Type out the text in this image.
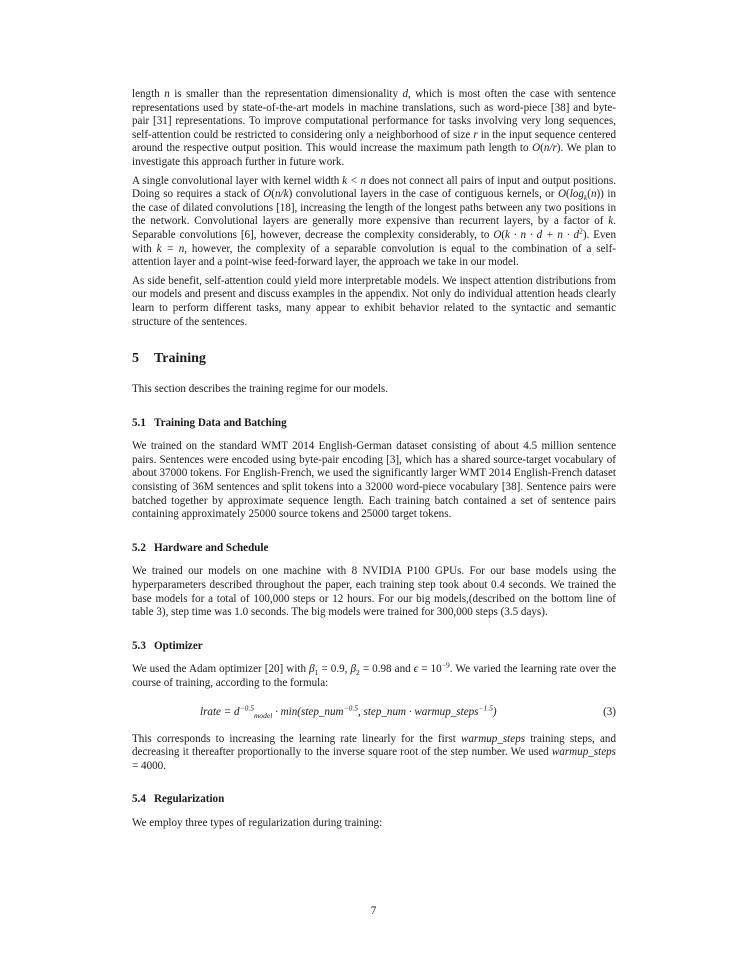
length n is smaller than the representation dimensionality d, which is most often the case with sentence representations used by state-of-the-art models in machine translations, such as word-piece [38] and byte-pair [31] representations. To improve computational performance for tasks involving very long sequences, self-attention could be restricted to considering only a neighborhood of size r in the input sequence centered around the respective output position. This would increase the maximum path length to O(n/r). We plan to investigate this approach further in future work.

A single convolutional layer with kernel width k < n does not connect all pairs of input and output positions. Doing so requires a stack of O(n/k) convolutional layers in the case of contiguous kernels, or $O(\log_k(n))$ in the case of dilated convolutions [18], increasing the length of the longest paths between any two positions in the network. Convolutional layers are generally more expensive than recurrent layers, by a factor of k. Separable convolutions [6], however, decrease the complexity considerably, to $O(k \cdot n \cdot d + n \cdot d^2)$. Even with k = n, however, the complexity of a separable convolution is equal to the combination of a self-attention layer and a point-wise feed-forward layer, the approach we take in our model.

As side benefit, self-attention could yield more interpretable models. We inspect attention distributions from our models and present and discuss examples in the appendix. Not only do individual attention heads clearly learn to perform different tasks, many appear to exhibit behavior related to the syntactic and semantic structure of the sentences.

5 Training

This section describes the training regime for our models.

5.1 Training Data and Batching

We trained on the standard WMT 2014 English-German dataset consisting of about 4.5 million sentence pairs. Sentences were encoded using byte-pair encoding [3], which has a shared source-target vocabulary of about 37000 tokens. For English-French, we used the significantly larger WMT 2014 English-French dataset consisting of 36M sentences and split tokens into a 32000 word-piece vocabulary [38]. Sentence pairs were batched together by approximate sequence length. Each training batch contained a set of sentence pairs containing approximately 25000 source tokens and 25000 target tokens.

5.2 Hardware and Schedule

We trained our models on one machine with 8 NVIDIA P100 GPUs. For our base models using the hyperparameters described throughout the paper, each training step took about 0.4 seconds. We trained the base models for a total of 100,000 steps or 12 hours. For our big models,(described on the bottom line of table 3), step time was 1.0 seconds. The big models were trained for 300,000 steps (3.5 days).

5.3 Optimizer

We used the Adam optimizer [20] with $\beta_1 = 0.9$, $\beta_2 = 0.98$ and $\epsilon = 10^{-9}$. We varied the learning rate over the course of training, according to the formula:

lrate = $d^{-0.5}_{model}$ · min(step_num$^{-0.5}$, step_num · warmup_steps$^{-1.5}$)	(3)

This corresponds to increasing the learning rate linearly for the first warmup_steps training steps, and decreasing it thereafter proportionally to the inverse square root of the step number. We used warmup_steps = 4000.

5.4 Regularization

We employ three types of regularization during training:

7
